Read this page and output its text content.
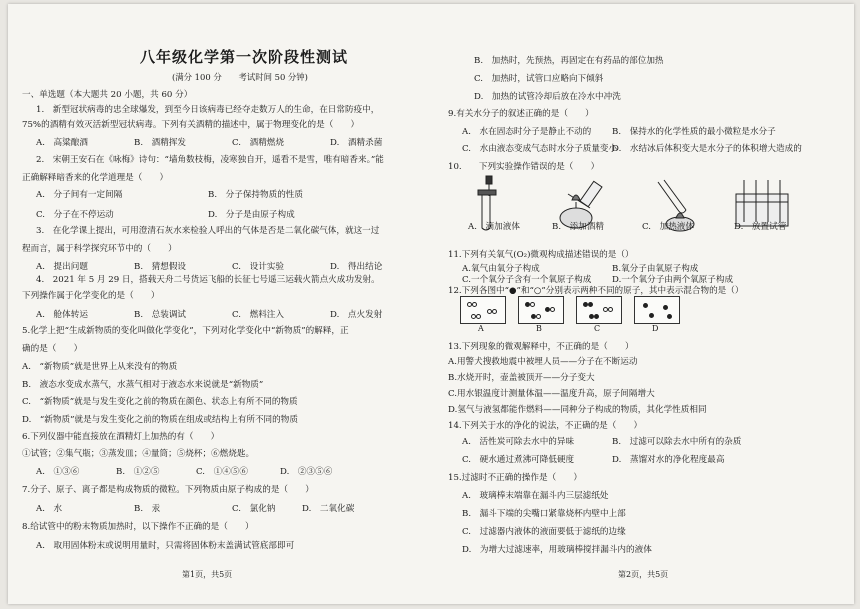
八年级化学第一次阶段性测试
(满分 100 分　　考试时间 50 分钟)
一、单选题（本大题共 20 小题，共 60 分）
1.　新型冠状病毒的忠全球爆发，到至今日该病毒已经夺走数万人的生命，在日常防疫中，
75%的酒精有效灭活新型冠状病毒。下列有关酒精的描述中，属于物理变化的是（　　）
A.　高粱酿酒	B.　酒精挥发	C.　酒精燃烧	D.　酒精杀菌
2.　宋朝王安石在《咏梅》诗句：“墙角数枝梅，凌寒独自开，遥看不是雪，唯有暗香来。”能
正确解释暗香来的化学道理是（　　）
A.　分子间有一定间隔	B.　分子保持物质的性质
C.　分子在不停运动	D.　分子是由原子构成
3.　在化学课上提出，可用澄清石灰水来检验人呼出的气体是否是二氧化碳气体，就这一过
程而言，属于科学探究环节中的（　　）
A.　提出问题	B.　猜想假设	C.　设计实验	D.　得出结论
4.　2021 年 5 月 29 日，搭载天舟二号货运飞船的长征七号遥三运载火箭点火成功发射。
下列操作属于化学变化的是（　　）
A.　舱体转运	B.　总装调试	C.　燃料注入	D.　点火发射
5.化学上把“生成新物质的变化叫做化学变化”，下列对化学变化中“新物质”的解释，正
确的是（　　）
A.　“新物质”就是世界上从来没有的物质
B.　液态水变成水蒸气，水蒸气相对于液态水来说就是“新物质”
C.　“新物质”就是与发生变化之前的物质在颜色、状态上有所不同的物质
D.　“新物质”就是与发生变化之前的物质在组成或结构上有所不同的物质
6.下列仪器中能直接放在酒精灯上加热的有（　　）
①试管；②集气瓶；③蒸发皿；④量筒；⑤烧杯；⑥燃烧匙。
A.　①③⑥	B.　①②⑤	C.　①④⑤⑥	D.　②③⑤⑥
7.分子、原子、离子都是构成物质的微粒。下列物质由原子构成的是（　　）
A.　水	B.　汞	C.　氯化钠	D.　二氧化碳
8.给试管中的粉末物质加热时，以下操作不正确的是（　　）
A.　取用固体粉末或说明用量时，只需将固体粉末盖满试管底部即可
第1页，共5页
B.　加热时，先预热，再固定在有药品的部位加热
C.　加热时，试管口应略向下倾斜
D.　加热的试管冷却后放在冷水中冲洗
9.有关水分子的叙述正确的是（　　）
A.　水在固态时分子是静止不动的 B.　保持水的化学性质的最小微粒是水分子
C.　水由液态变成气态时水分子质量变小D.　水结冰后体积变大是水分子的体积增大造成的
10.　　下列实验操作错误的是（　　）
A.　滴加液体	B.　添加酒精	C.　加热液体	D.　放置试管
11.下列有关氧气(O₂)微观构成描述错误的是（）
A.氧气由氧分子构成	B.氧分子由氧原子构成
C.一个氧分子含有一个氧原子构成 D.一个氧分子由两个氧原子构成
12.下列各图中“●”和“○”分别表示两种不同的原子，其中表示混合物的是（）
A	B	C	D
13.下列现象的微观解释中，不正确的是（　　）
A.用警犬搜救地震中被埋人员——分子在不断运动
B.水烧开时，壶盖被顶开——分子变大
C.用水银温度计测量体温——温度升高，原子间隔增大
D.氢气与液氢都能作燃料——同种分子构成的物质，其化学性质相同
14.下列关于水的净化的说法，不正确的是（　　）
A.　活性炭可除去水中的异味	B.　过滤可以除去水中所有的杂质
C.　硬水通过煮沸可降低硬度	D.　蒸馏对水的净化程度最高
15.过滤时不正确的操作是（　　）
A.　玻璃棒末端靠在漏斗内三层滤纸处
B.　漏斗下端的尖嘴口紧靠烧杯内壁中上部
C.　过滤器内液体的液面要低于滤纸的边缘
D.　为增大过滤速率，用玻璃棒搅拌漏斗内的液体
第2页，共5页
